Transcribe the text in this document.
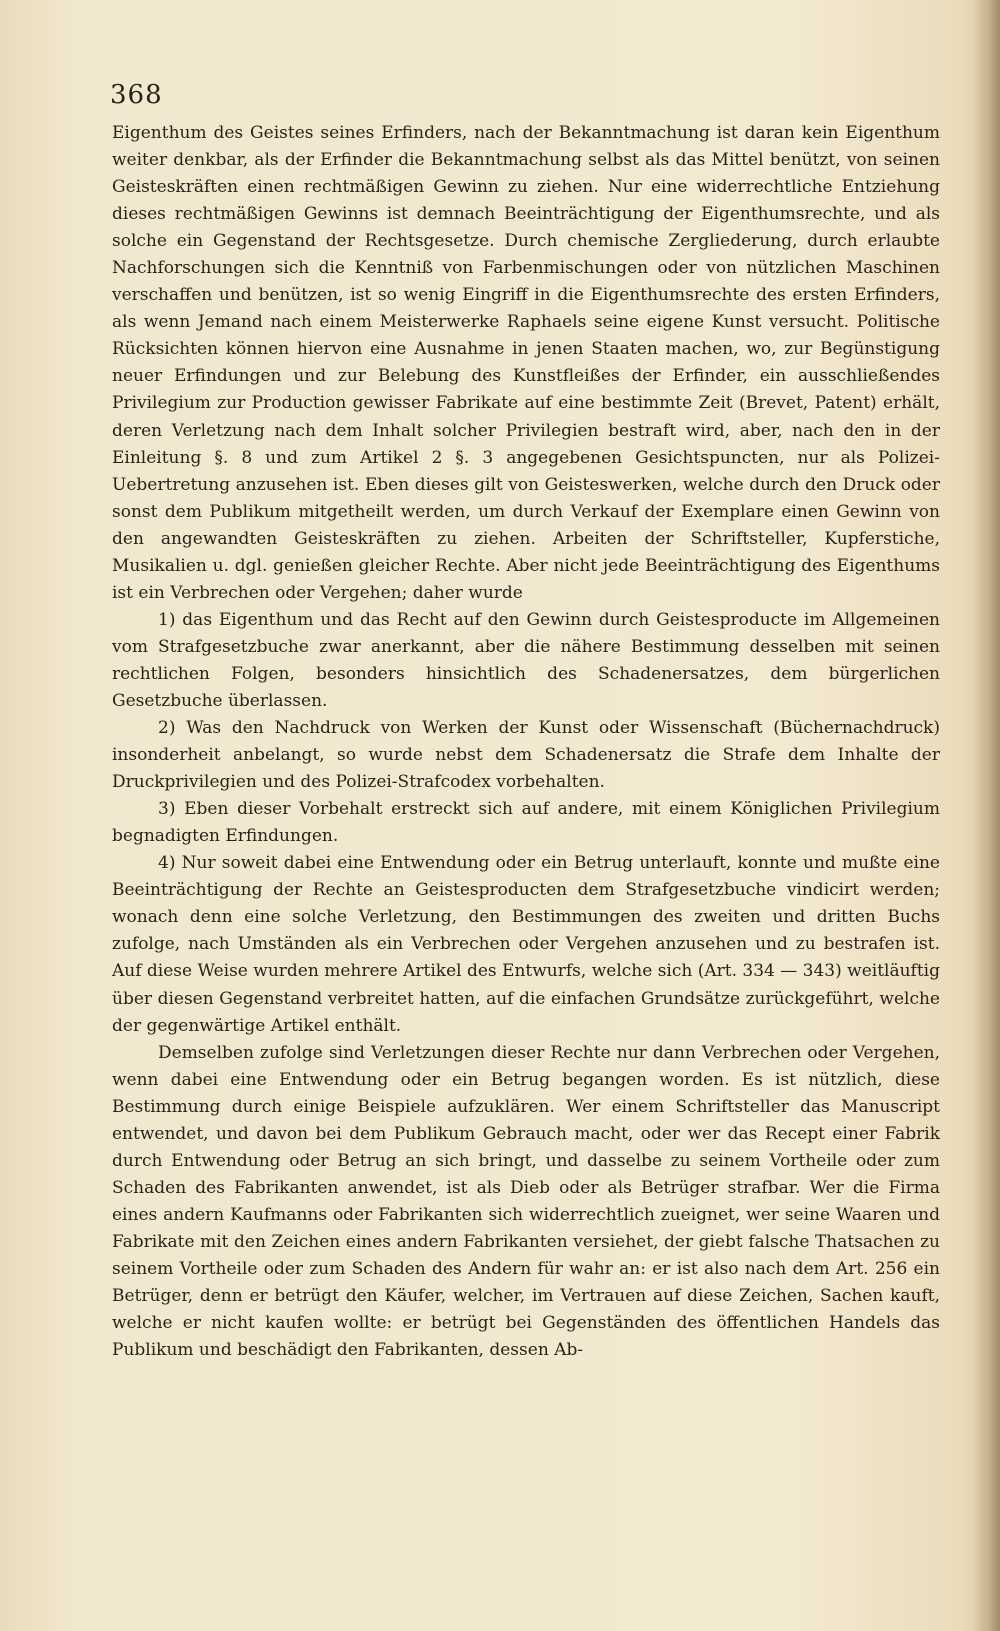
368

Eigenthum des Geistes seines Erfinders, nach der Bekanntmachung ist daran kein Eigenthum weiter denkbar, als der Erfinder die Bekanntmachung selbst als das Mittel benützt, von seinen Geisteskräften einen rechtmäßigen Gewinn zu ziehen. Nur eine widerrechtliche Entziehung dieses rechtmäßigen Gewinns ist demnach Beeinträchtigung der Eigenthumsrechte, und als solche ein Gegenstand der Rechtsgesetze. Durch chemische Zergliederung, durch erlaubte Nachforschungen sich die Kenntniß von Farbenmischungen oder von nützlichen Maschinen verschaffen und benützen, ist so wenig Eingriff in die Eigenthumsrechte des ersten Erfinders, als wenn Jemand nach einem Meisterwerke Raphaels seine eigene Kunst versucht. Politische Rücksichten können hiervon eine Ausnahme in jenen Staaten machen, wo, zur Begünstigung neuer Erfindungen und zur Belebung des Kunstfleißes der Erfinder, ein ausschließendes Privilegium zur Production gewisser Fabrikate auf eine bestimmte Zeit (Brevet, Patent) erhält, deren Verletzung nach dem Inhalt solcher Privilegien bestraft wird, aber, nach den in der Einleitung §. 8 und zum Artikel 2 §. 3 angegebenen Gesichtspuncten, nur als Polizei-Uebertretung anzusehen ist. Eben dieses gilt von Geisteswerken, welche durch den Druck oder sonst dem Publikum mitgetheilt werden, um durch Verkauf der Exemplare einen Gewinn von den angewandten Geisteskräften zu ziehen. Arbeiten der Schriftsteller, Kupferstiche, Musikalien u. dgl. genießen gleicher Rechte. Aber nicht jede Beeinträchtigung des Eigenthums ist ein Verbrechen oder Vergehen; daher wurde

1) das Eigenthum und das Recht auf den Gewinn durch Geistesproducte im Allgemeinen vom Strafgesetzbuche zwar anerkannt, aber die nähere Bestimmung desselben mit seinen rechtlichen Folgen, besonders hinsichtlich des Schadenersatzes, dem bürgerlichen Gesetzbuche überlassen.

2) Was den Nachdruck von Werken der Kunst oder Wissenschaft (Büchernachdruck) insonderheit anbelangt, so wurde nebst dem Schadenersatz die Strafe dem Inhalte der Druckprivilegien und des Polizei-Strafcodex vorbehalten.

3) Eben dieser Vorbehalt erstreckt sich auf andere, mit einem Königlichen Privilegium begnadigten Erfindungen.

4) Nur soweit dabei eine Entwendung oder ein Betrug unterlauft, konnte und mußte eine Beeinträchtigung der Rechte an Geistesproducten dem Strafgesetzbuche vindicirt werden; wonach denn eine solche Verletzung, den Bestimmungen des zweiten und dritten Buchs zufolge, nach Umständen als ein Verbrechen oder Vergehen anzusehen und zu bestrafen ist. Auf diese Weise wurden mehrere Artikel des Entwurfs, welche sich (Art. 334 — 343) weitläuftig über diesen Gegenstand verbreitet hatten, auf die einfachen Grundsätze zurückgeführt, welche der gegenwärtige Artikel enthält.

Demselben zufolge sind Verletzungen dieser Rechte nur dann Verbrechen oder Vergehen, wenn dabei eine Entwendung oder ein Betrug begangen worden. Es ist nützlich, diese Bestimmung durch einige Beispiele aufzuklären. Wer einem Schriftsteller das Manuscript entwendet, und davon bei dem Publikum Gebrauch macht, oder wer das Recept einer Fabrik durch Entwendung oder Betrug an sich bringt, und dasselbe zu seinem Vortheile oder zum Schaden des Fabrikanten anwendet, ist als Dieb oder als Betrüger strafbar. Wer die Firma eines andern Kaufmanns oder Fabrikanten sich widerrechtlich zueignet, wer seine Waaren und Fabrikate mit den Zeichen eines andern Fabrikanten versiehet, der giebt falsche Thatsachen zu seinem Vortheile oder zum Schaden des Andern für wahr an: er ist also nach dem Art. 256 ein Betrüger, denn er betrügt den Käufer, welcher, im Vertrauen auf diese Zeichen, Sachen kauft, welche er nicht kaufen wollte: er betrügt bei Gegenständen des öffentlichen Handels das Publikum und beschädigt den Fabrikanten, dessen Ab-
